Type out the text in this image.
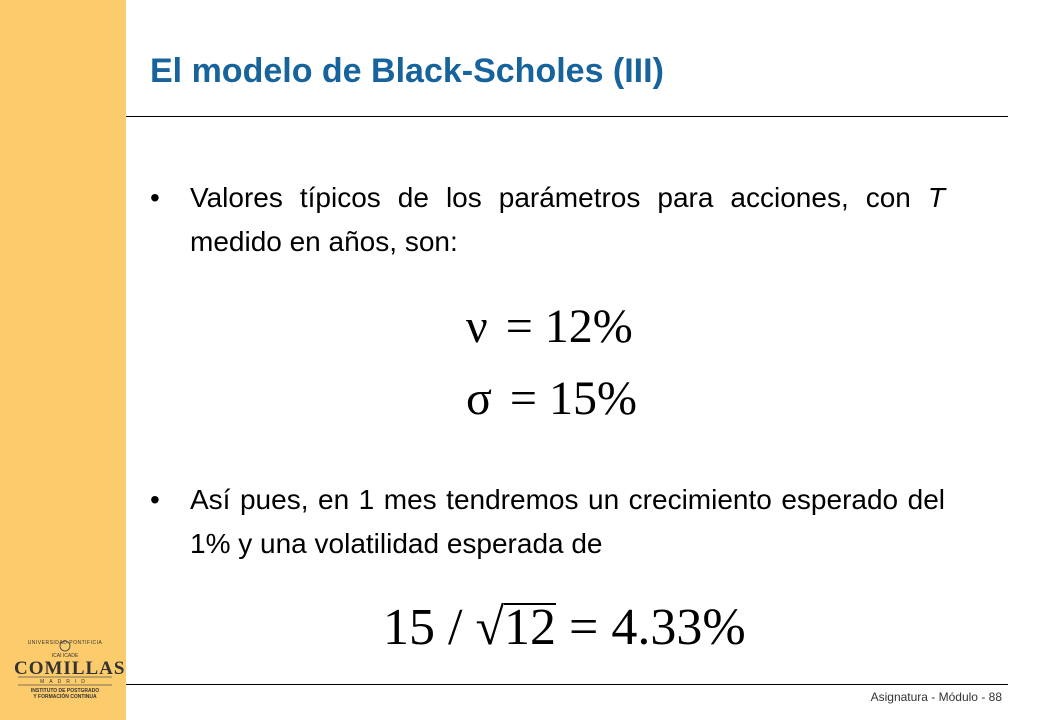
UNIVERSIDAD PONTIFICIA
ICAI ICADE
COMILLAS
MADRID
INSTITUTO DE POSTGRADO
Y FORMACIÓN CONTINUA
El modelo de Black-Scholes (III)
• Valores típicos de los parámetros para acciones, con T medido en años, son:
ν = 12%
σ = 15%
• Así pues, en 1 mes tendremos un crecimiento esperado del 1% y una volatilidad esperada de
15 / √12 = 4.33%
Asignatura - Módulo - 88
